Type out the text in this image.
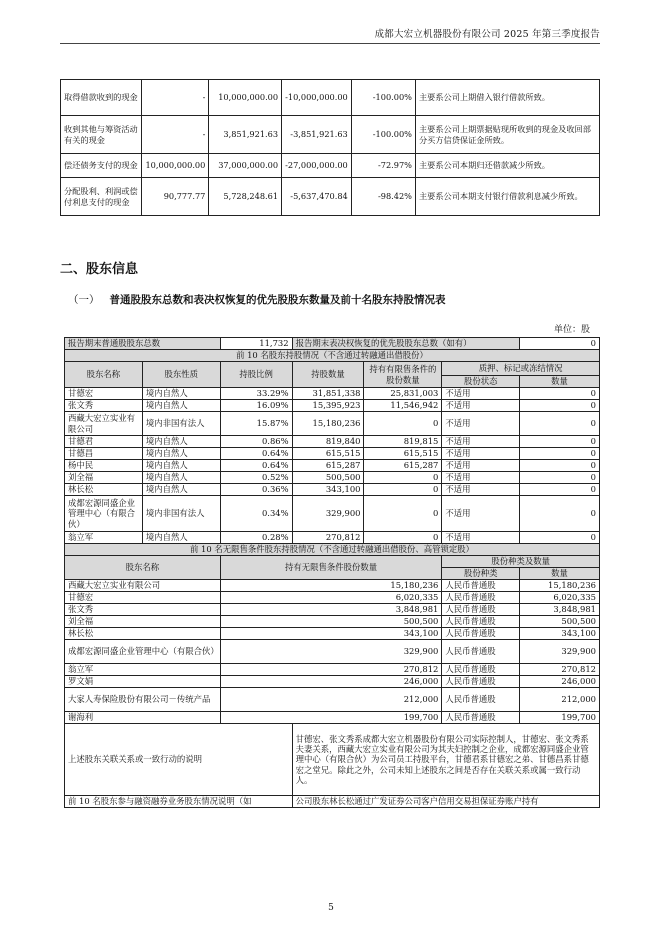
成都大宏立机器股份有限公司 2025 年第三季度报告
取得借款收到的现金	-	10,000,000.00	-10,000,000.00	-100.00%	主要系公司上期借入银行借款所致。
收到其他与筹资活动有关的现金	-	3,851,921.63	-3,851,921.63	-100.00%	主要系公司上期票据贴现所收到的现金及收回部分买方信贷保证金所致。
偿还债务支付的现金	10,000,000.00	37,000,000.00	-27,000,000.00	-72.97%	主要系公司本期归还借款减少所致。
分配股利、利润或偿付利息支付的现金	90,777.77	5,728,248.61	-5,637,470.84	-98.42%	主要系公司本期支付银行借款利息减少所致。
二、股东信息
（一） 普通股股东总数和表决权恢复的优先股股东数量及前十名股东持股情况表
单位：股
报告期末普通股股东总数		11,732	报告期末表决权恢复的优先股股东总数（如有）			0
前 10 名股东持股情况（不含通过转融通出借股份）						
股东名称	股东性质	持股比例	持股数量	持有有限售条件的股份数量	质押、标记或冻结情况	
					股份状态	数量
甘德宏	境内自然人	33.29%	31,851,338	25,831,003	不适用	0
张文秀	境内自然人	16.09%	15,395,923	11,546,942	不适用	0
西藏大宏立实业有限公司	境内非国有法人	15.87%	15,180,236	0	不适用	0
甘德君	境内自然人	0.86%	819,840	819,815	不适用	0
甘德昌	境内自然人	0.64%	615,515	615,515	不适用	0
杨中民	境内自然人	0.64%	615,287	615,287	不适用	0
刘全福	境内自然人	0.52%	500,500	0	不适用	0
林长松	境内自然人	0.36%	343,100	0	不适用	0
成都宏源同盛企业管理中心（有限合伙）	境内非国有法人	0.34%	329,900	0	不适用	0
翁立军	境内自然人	0.28%	270,812	0	不适用	0
前 10 名无限售条件股东持股情况（不含通过转融通出借股份、高管锁定股）						
股东名称		持有无限售条件股份数量			股份种类及数量	
					股份种类	数量
西藏大宏立实业有限公司		15,180,236			人民币普通股	15,180,236
甘德宏		6,020,335			人民币普通股	6,020,335
张文秀		3,848,981			人民币普通股	3,848,981
刘全福		500,500			人民币普通股	500,500
林长松		343,100			人民币普通股	343,100
成都宏源同盛企业管理中心（有限合伙）		329,900			人民币普通股	329,900
翁立军		270,812			人民币普通股	270,812
罗文娟		246,000			人民币普通股	246,000
大家人寿保险股份有限公司－传统产品		212,000			人民币普通股	212,000
谢海利		199,700			人民币普通股	199,700
上述股东关联关系或一致行动的说明			甘德宏、张文秀系成都大宏立机器股份有限公司实际控制人，甘德宏、张文秀系夫妻关系，西藏大宏立实业有限公司为其夫妇控制之企业，成都宏源同盛企业管理中心（有限合伙）为公司员工持股平台，甘德君系甘德宏之弟、甘德昌系甘德宏之堂兄。除此之外，公司未知上述股东之间是否存在关联关系或属一致行动人。			
前 10 名股东参与融资融券业务股东情况说明（如			公司股东林长松通过广发证券公司客户信用交易担保证券账户持有			
5
